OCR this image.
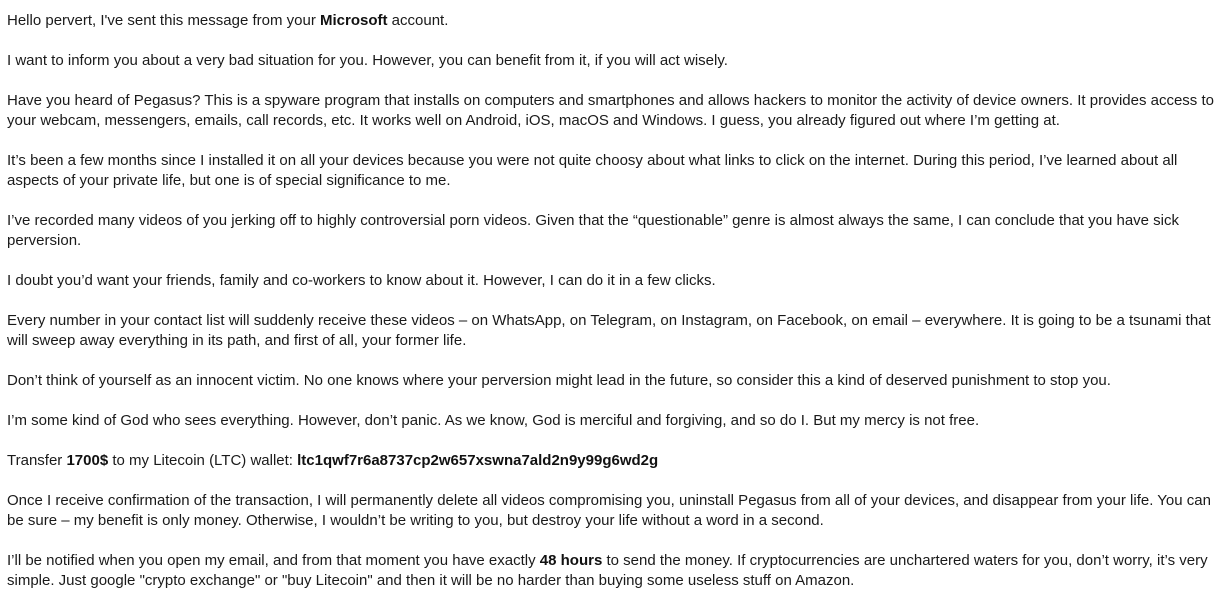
Hello pervert, I've sent this message from your Microsoft account.

I want to inform you about a very bad situation for you. However, you can benefit from it, if you will act wisely.

Have you heard of Pegasus? This is a spyware program that installs on computers and smartphones and allows hackers to monitor the activity of device owners. It provides access to your webcam, messengers, emails, call records, etc. It works well on Android, iOS, macOS and Windows. I guess, you already figured out where I’m getting at.

It’s been a few months since I installed it on all your devices because you were not quite choosy about what links to click on the internet. During this period, I’ve learned about all aspects of your private life, but one is of special significance to me.

I’ve recorded many videos of you jerking off to highly controversial porn videos. Given that the “questionable” genre is almost always the same, I can conclude that you have sick perversion.

I doubt you’d want your friends, family and co-workers to know about it. However, I can do it in a few clicks.

Every number in your contact list will suddenly receive these videos – on WhatsApp, on Telegram, on Instagram, on Facebook, on email – everywhere. It is going to be a tsunami that will sweep away everything in its path, and first of all, your former life.

Don’t think of yourself as an innocent victim. No one knows where your perversion might lead in the future, so consider this a kind of deserved punishment to stop you.

I’m some kind of God who sees everything. However, don’t panic. As we know, God is merciful and forgiving, and so do I. But my mercy is not free.

Transfer 1700$ to my Litecoin (LTC) wallet: ltc1qwf7r6a8737cp2w657xswna7ald2n9y99g6wd2g

Once I receive confirmation of the transaction, I will permanently delete all videos compromising you, uninstall Pegasus from all of your devices, and disappear from your life. You can be sure – my benefit is only money. Otherwise, I wouldn’t be writing to you, but destroy your life without a word in a second.

I’ll be notified when you open my email, and from that moment you have exactly 48 hours to send the money. If cryptocurrencies are unchartered waters for you, don’t worry, it’s very simple. Just google "crypto exchange" or "buy Litecoin" and then it will be no harder than buying some useless stuff on Amazon.
